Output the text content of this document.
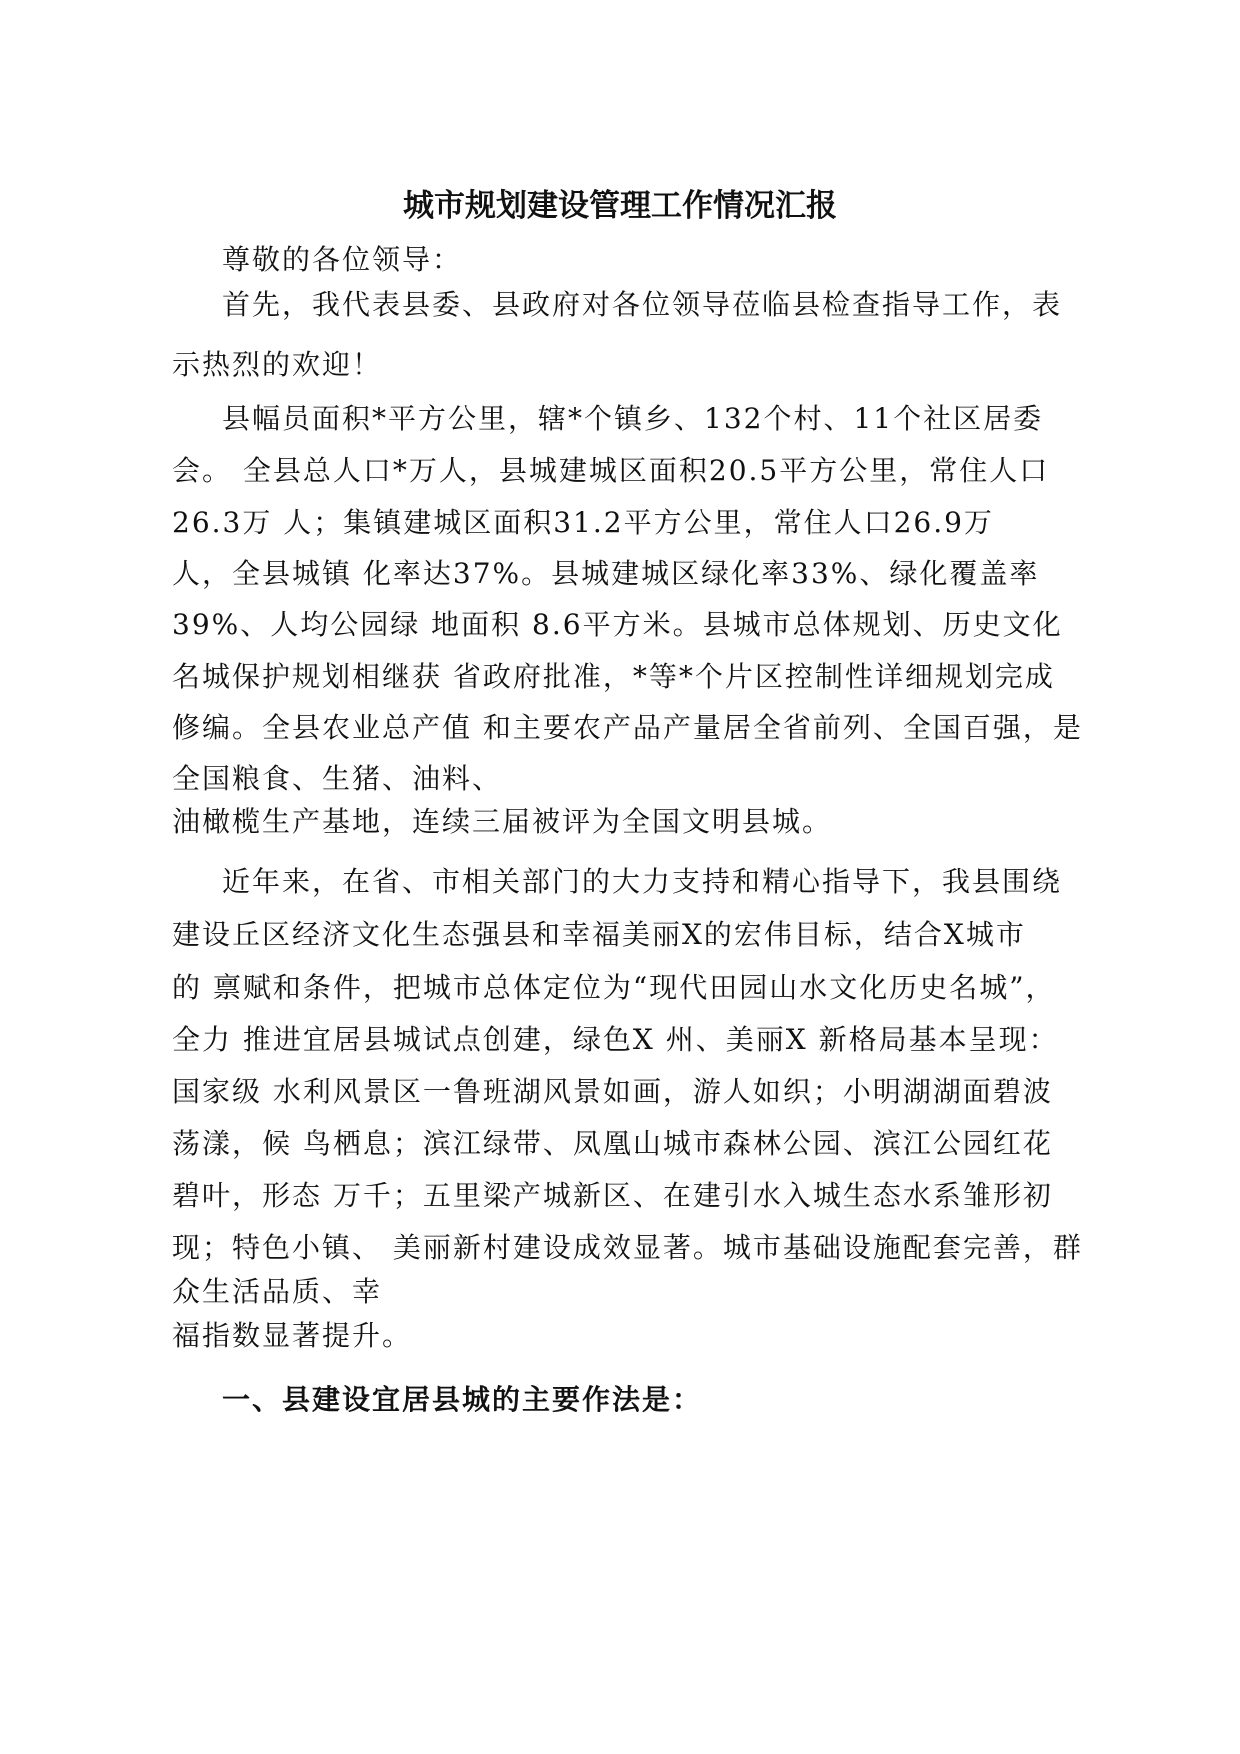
城市规划建设管理工作情况汇报

尊敬的各位领导：

首先，我代表县委、县政府对各位领导莅临县检查指导工作，表

示热烈的欢迎！

县幅员面积*平方公里，辖*个镇乡、132个村、11个社区居委

会。 全县总人口*万人，县城建城区面积20.5平方公里，常住人口

26.3万 人；集镇建城区面积31.2平方公里，常住人口26.9万

人，全县城镇 化率达37%。县城建城区绿化率33%、绿化覆盖率

39%、人均公园绿 地面积 8.6平方米。县城市总体规划、历史文化

名城保护规划相继获 省政府批准，*等*个片区控制性详细规划完成

修编。全县农业总产值 和主要农产品产量居全省前列、全国百强，是

全国粮食、生猪、油料、

油橄榄生产基地，连续三届被评为全国文明县城。

近年来，在省、市相关部门的大力支持和精心指导下，我县围绕

建设丘区经济文化生态强县和幸福美丽X的宏伟目标，结合X城市

的 禀赋和条件，把城市总体定位为“现代田园山水文化历史名城”，

全力 推进宜居县城试点创建，绿色X 州、美丽X 新格局基本呈现：

国家级 水利风景区一鲁班湖风景如画，游人如织；小明湖湖面碧波

荡漾，候 鸟栖息；滨江绿带、凤凰山城市森林公园、滨江公园红花

碧叶，形态 万千；五里梁产城新区、在建引水入城生态水系雏形初

现；特色小镇、 美丽新村建设成效显著。城市基础设施配套完善，群

众生活品质、幸

福指数显著提升。

一、县建设宜居县城的主要作法是：
